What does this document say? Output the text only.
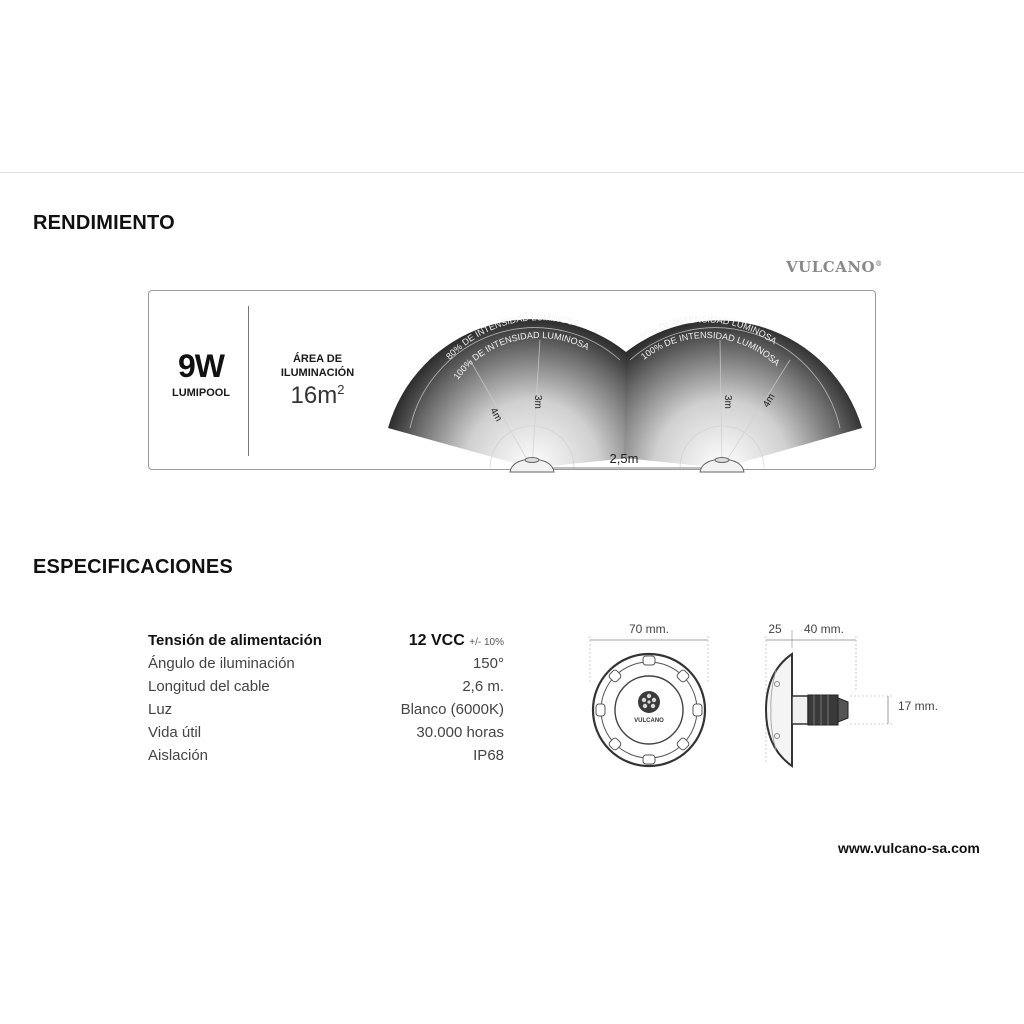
RENDIMIENTO
VULCANO®
9W
LUMIPOOL
ÁREA DE
ILUMINACIÓN
$16m^2$
80% DE INTENSIDAD LUMINOSA
100% DE INTENSIDAD LUMINOSA
80% DE INTENSIDAD LUMINOSA
100% DE INTENSIDAD LUMINOSA
3m
4m
3m	4m
2,5m
ESPECIFICACIONES
Tensión de alimentación	12 VCC +/- 10%
Ángulo de iluminación	150°
Longitud del cable	2,6 m.
Luz	Blanco (6000K)
Vida útil	30.000 horas
Aislación	IP68
70 mm.
VULCANO
25 40 mm.
17 mm.
www.vulcano-sa.com
